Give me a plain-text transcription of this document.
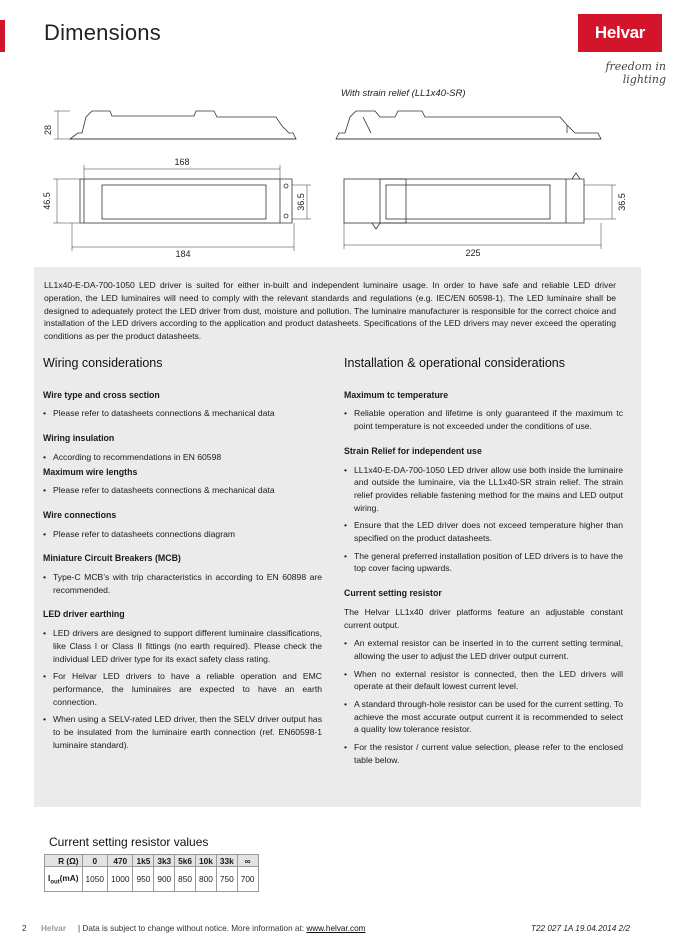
Dimensions	Helvar
freedom in lighting
With strain relief (LL1x40-SR)
28
168
184
46.5	36.5
225
36.5
LL1x40-E-DA-700-1050 LED driver is suited for either in-built and independent luminaire usage. In order to have safe and reliable LED driver operation, the LED luminaires will need to comply with the relevant standards and regulations (e.g. IEC/EN 60598-1). The LED luminaire shall be designed to adequately protect the LED driver from dust, moisture and pollution. The luminaire manufacturer is responsible for the correct choice and installation of the LED drivers according to the application and product datasheets. Specifications of the LED drivers may never exceed the operating conditions as per the product datasheets.
Wiring considerations
Wire type and cross section
• Please refer to datasheets connections & mechanical data
Wiring insulation
• According to recommendations in EN 60598
Maximum wire lengths
• Please refer to datasheets connections & mechanical data
Wire connections
• Please refer to datasheets connections diagram
Miniature Circuit Breakers (MCB)
• Type-C MCB’s with trip characteristics in according to EN 60898 are recommended.
LED driver earthing
• LED drivers are designed to support different luminaire classifications, like Class I or Class II fittings (no earth required). Please check the individual LED driver type for its exact safety class rating.
• For Helvar LED drivers to have a reliable operation and EMC performance, the luminaires are expected to have an earth connection.
• When using a SELV-rated LED driver, then the SELV driver output has to be insulated from the luminaire earth connection (ref. EN60598-1 luminaire standard).
Installation & operational considerations
Maximum tc temperature
• Reliable operation and lifetime is only guaranteed if the maximum tc point temperature is not exceeded under the conditions of use.
Strain Relief for independent use
• LL1x40-E-DA-700-1050 LED driver allow use both inside the luminaire and outside the luminaire, via the LL1x40-SR strain relief. The strain relief provides reliable fastening method for the mains and LED output wiring.
• Ensure that the LED driver does not exceed temperature higher than specified on the product datasheets.
• The general preferred installation position of LED drivers is to have the top cover facing upwards.
Current setting resistor

The Helvar LL1x40 driver platforms feature an adjustable constant current output.

• An external resistor can be inserted in to the current setting terminal, allowing the user to adjust the LED driver output current.
• When no external resistor is connected, then the LED drivers will operate at their default lowest current level.
• A standard through-hole resistor can be used for the current setting. To achieve the most accurate output current it is recommended to select a quality low tolerance resistor.
• For the resistor / current value selection, please refer to the enclosed table below.
Current setting resistor values
R (Ω)	0	470	1k5	3k3	5k6	10k	33k	∞
$I_{out}(mA)$	1050	1000	950	900	850	800	750	700
2 Helvar | Data is subject to change without notice. More information at: www.helvar.com	T22 027 1A 19.04.2014 2/2
